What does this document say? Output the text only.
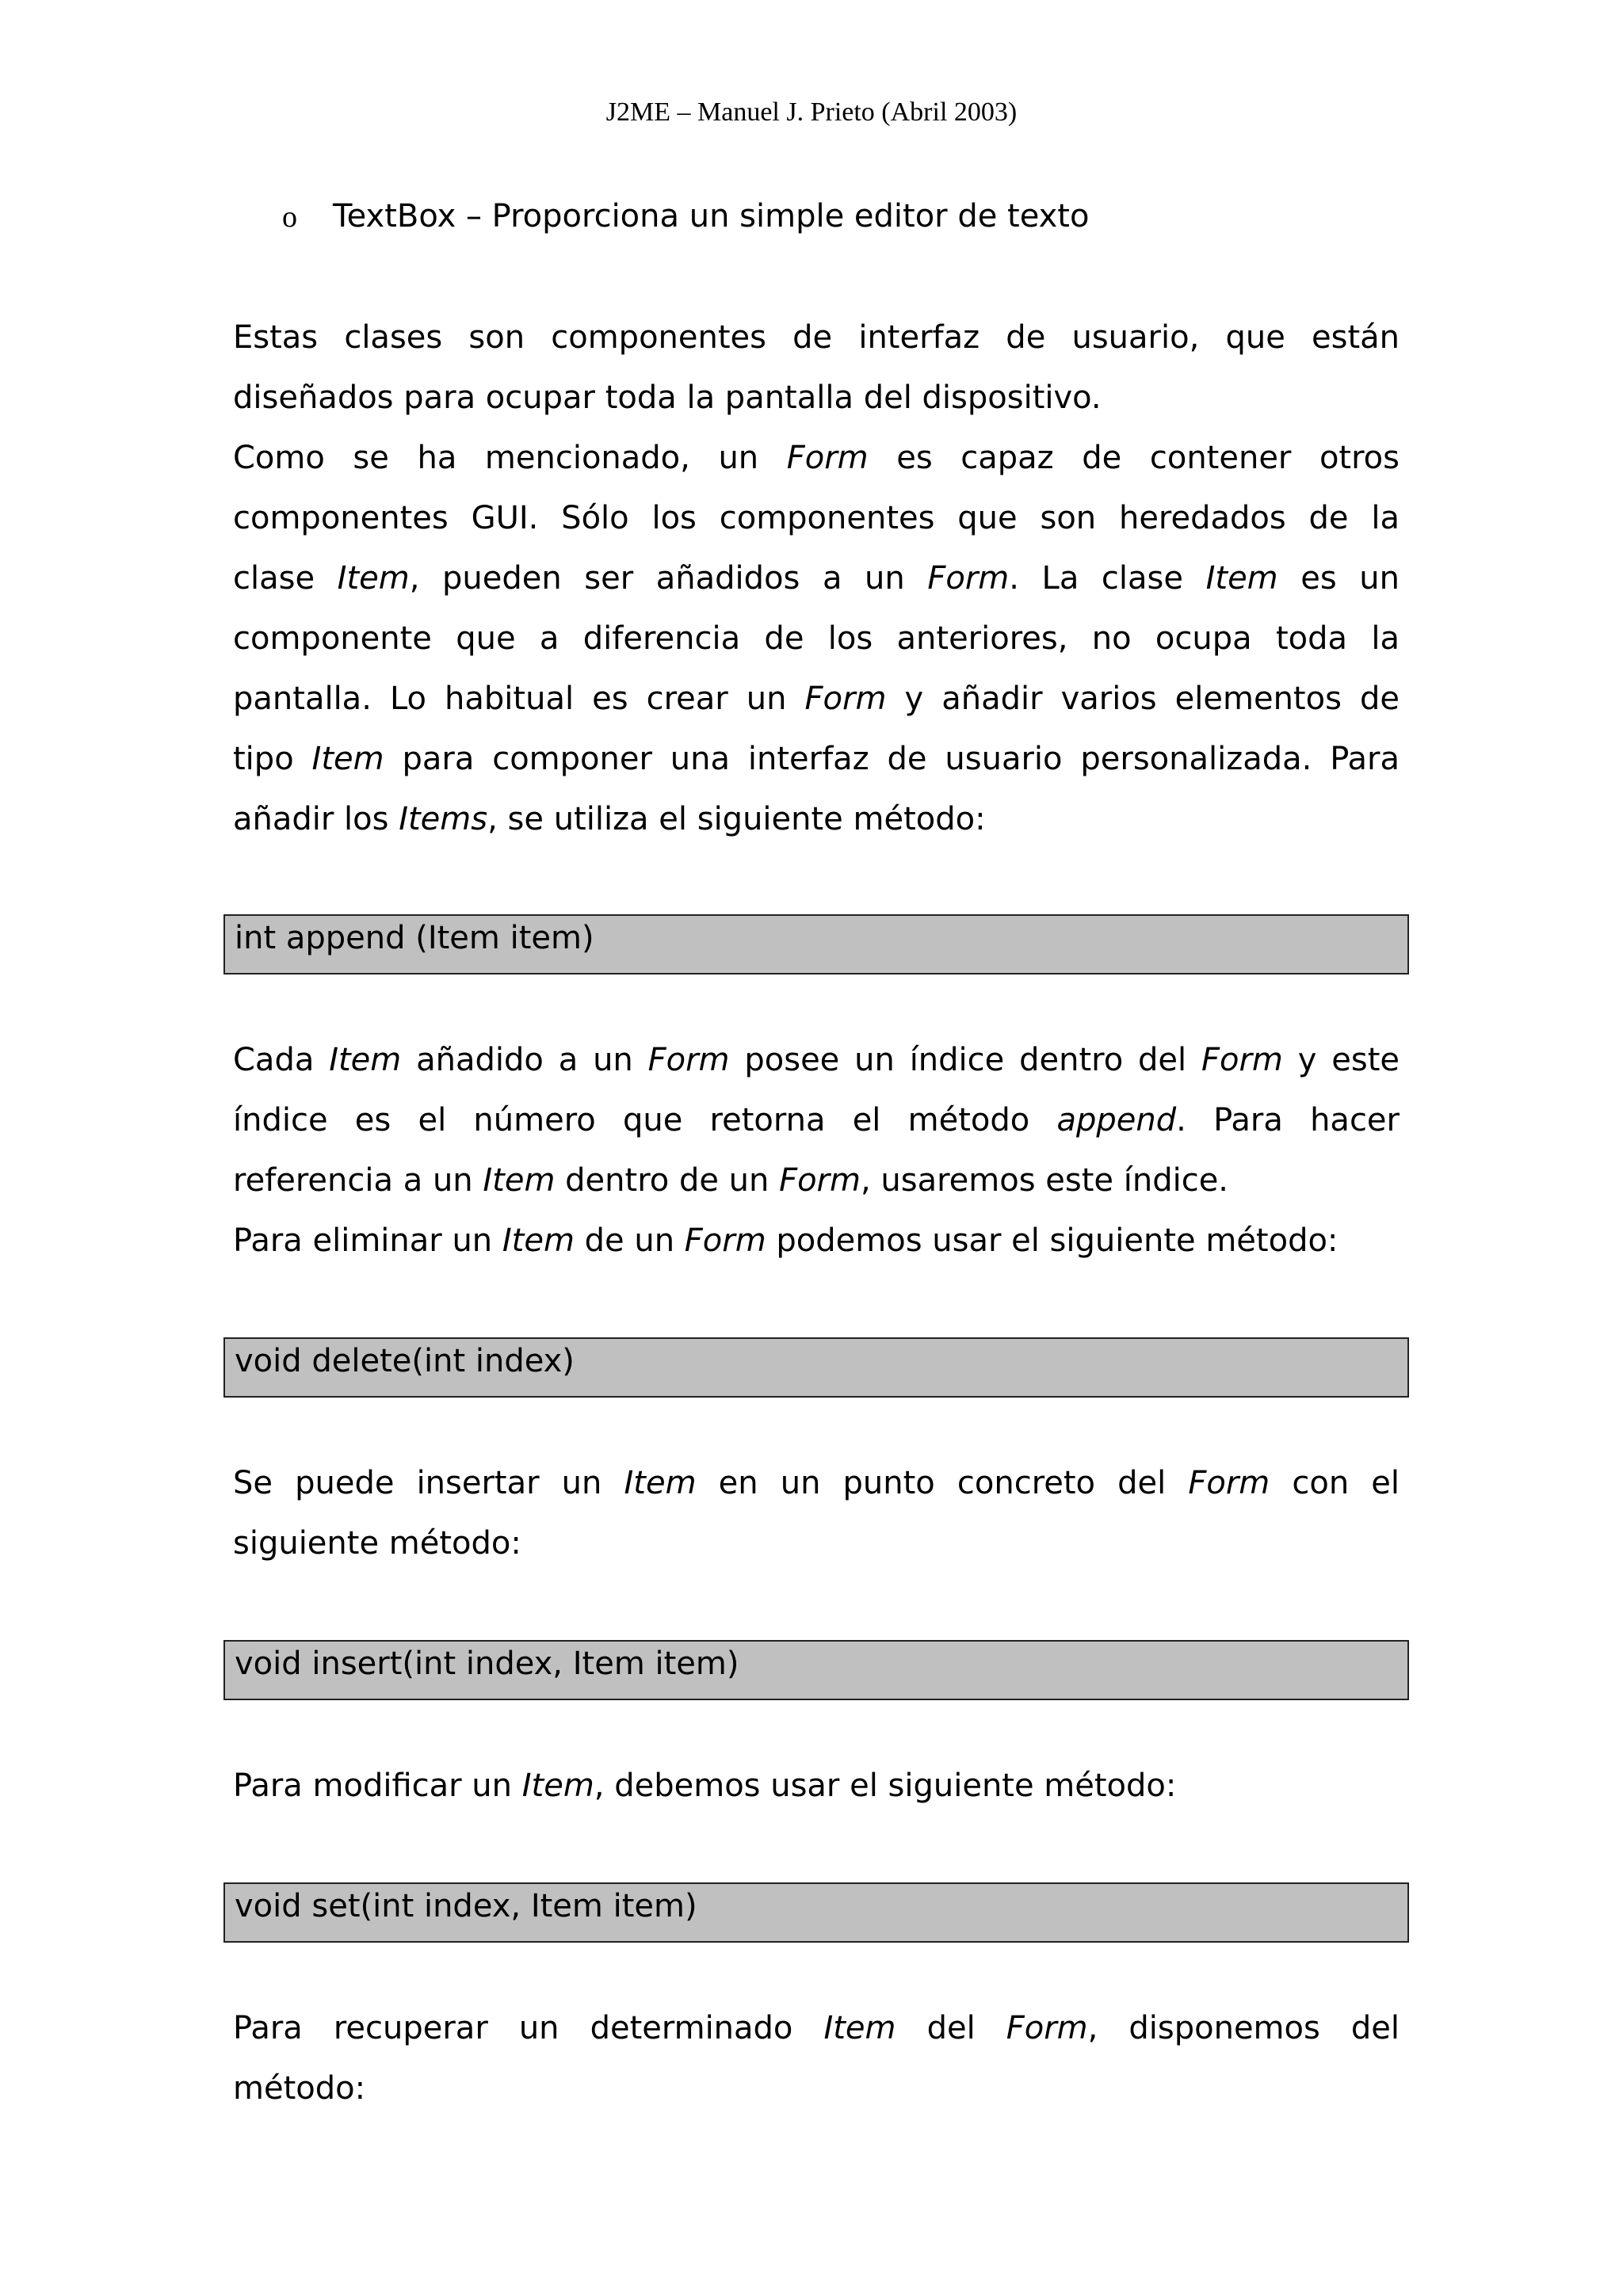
J2ME – Manuel J. Prieto (Abril 2003)
o TextBox – Proporciona un simple editor de texto

Estas clases son componentes de interfaz de usuario, que están
diseñados para ocupar toda la pantalla del dispositivo.

Como se ha mencionado, un Form es capaz de contener otros
componentes GUI. Sólo los componentes que son heredados de la
clase Item, pueden ser añadidos a un Form. La clase Item es un
componente que a diferencia de los anteriores, no ocupa toda la
pantalla. Lo habitual es crear un Form y añadir varios elementos de
tipo Item para componer una interfaz de usuario personalizada. Para
añadir los Items, se utiliza el siguiente método:

int append (Item item)

Cada Item añadido a un Form posee un índice dentro del Form y este
índice es el número que retorna el método append. Para hacer
referencia a un Item dentro de un Form, usaremos este índice.
Para eliminar un Item de un Form podemos usar el siguiente método:

void delete(int index)

Se puede insertar un Item en un punto concreto del Form con el
siguiente método:

void insert(int index, Item item)

Para modificar un Item, debemos usar el siguiente método:

void set(int index, Item item)

Para recuperar un determinado Item del Form, disponemos del
método:
